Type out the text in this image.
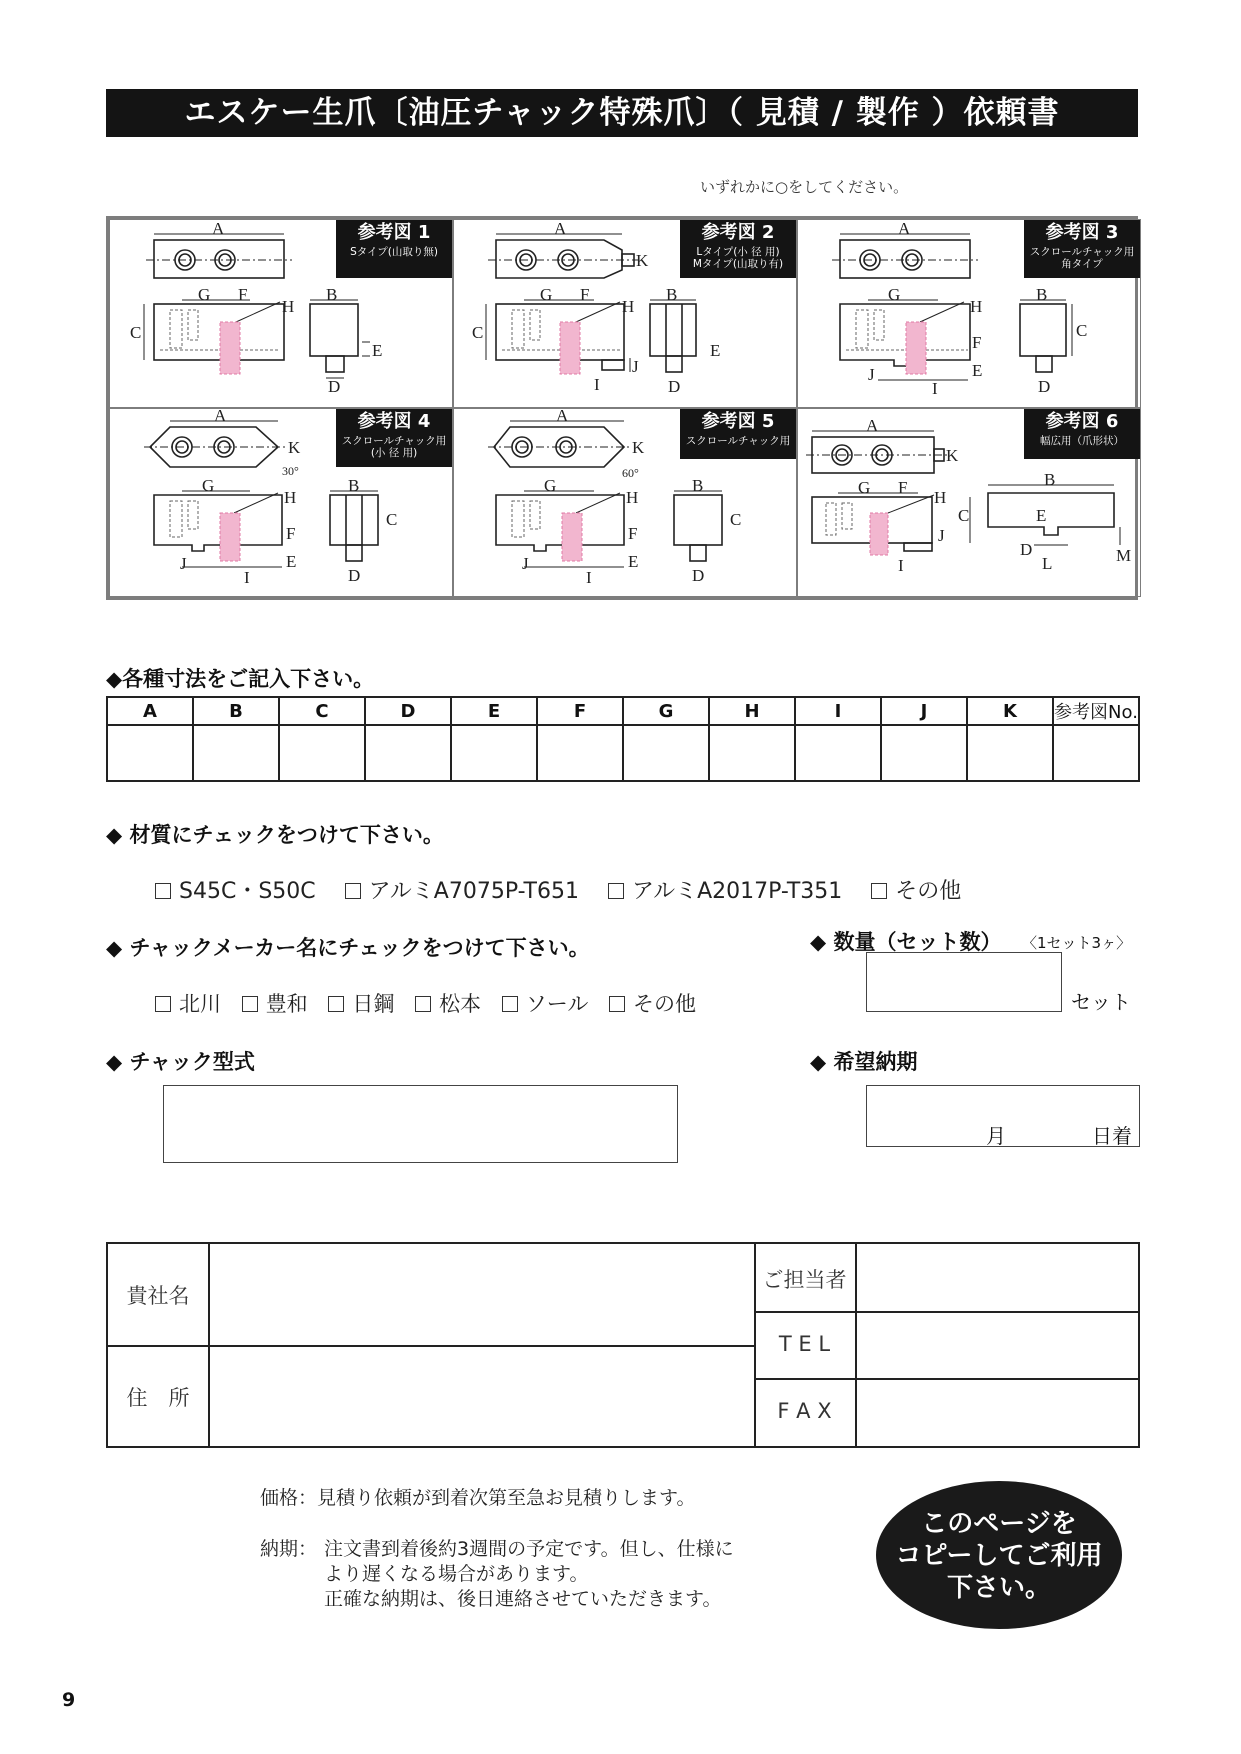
エスケー生爪〔油圧チャック特殊爪〕（ 見積 / 製作 ）依頼書
いずれかに○をしてください。
A
C
G F
H
B
D
E
参考図 1
Sタイプ(山取り無)
A
K
C
G F
H
J
I
B
D
E
参考図 2
Lタイプ(小 径 用)
Mタイプ(山取り有)
A
G
H
F
E
J
I
B
C
D
参考図 3
スクロールチャック用
角タイプ
A
K
30°
G
H
F
E
J
I
B
C
D
参考図 4
スクロールチャック用
(小 径 用)
A
K
60°
G
H
F
E
J
I
B
C
D
参考図 5
スクロールチャック用
A
K
G F
H
C
J
I
B
E
D
L	M
参考図 6
幅広用（爪形状）
◆各種寸法をご記入下さい。
A	B	C	D	E	F	G	H	I	J	K	参考図No.

◆ 材質にチェックをつけて下さい。
S45C・S50C アルミA7075P-T651 アルミA2017P-T351 その他
◆ チャックメーカー名にチェックをつけて下さい。
北川 豊和 日鋼 松本 ソール その他
◆ 数量（セット数） 〈1セット3ヶ〉
セット
◆ チャック型式	◆ 希望納期
月	日着
貴社名
住　所
ご担当者
T E L
F A X
価格：見積り依頼が到着次第至急お見積りします。
納期： 注文書到着後約3週間の予定です。但し、仕様に
より遅くなる場合があります。
正確な納期は、後日連絡させていただきます。
このページを
コピーしてご利用
下さい。
9
